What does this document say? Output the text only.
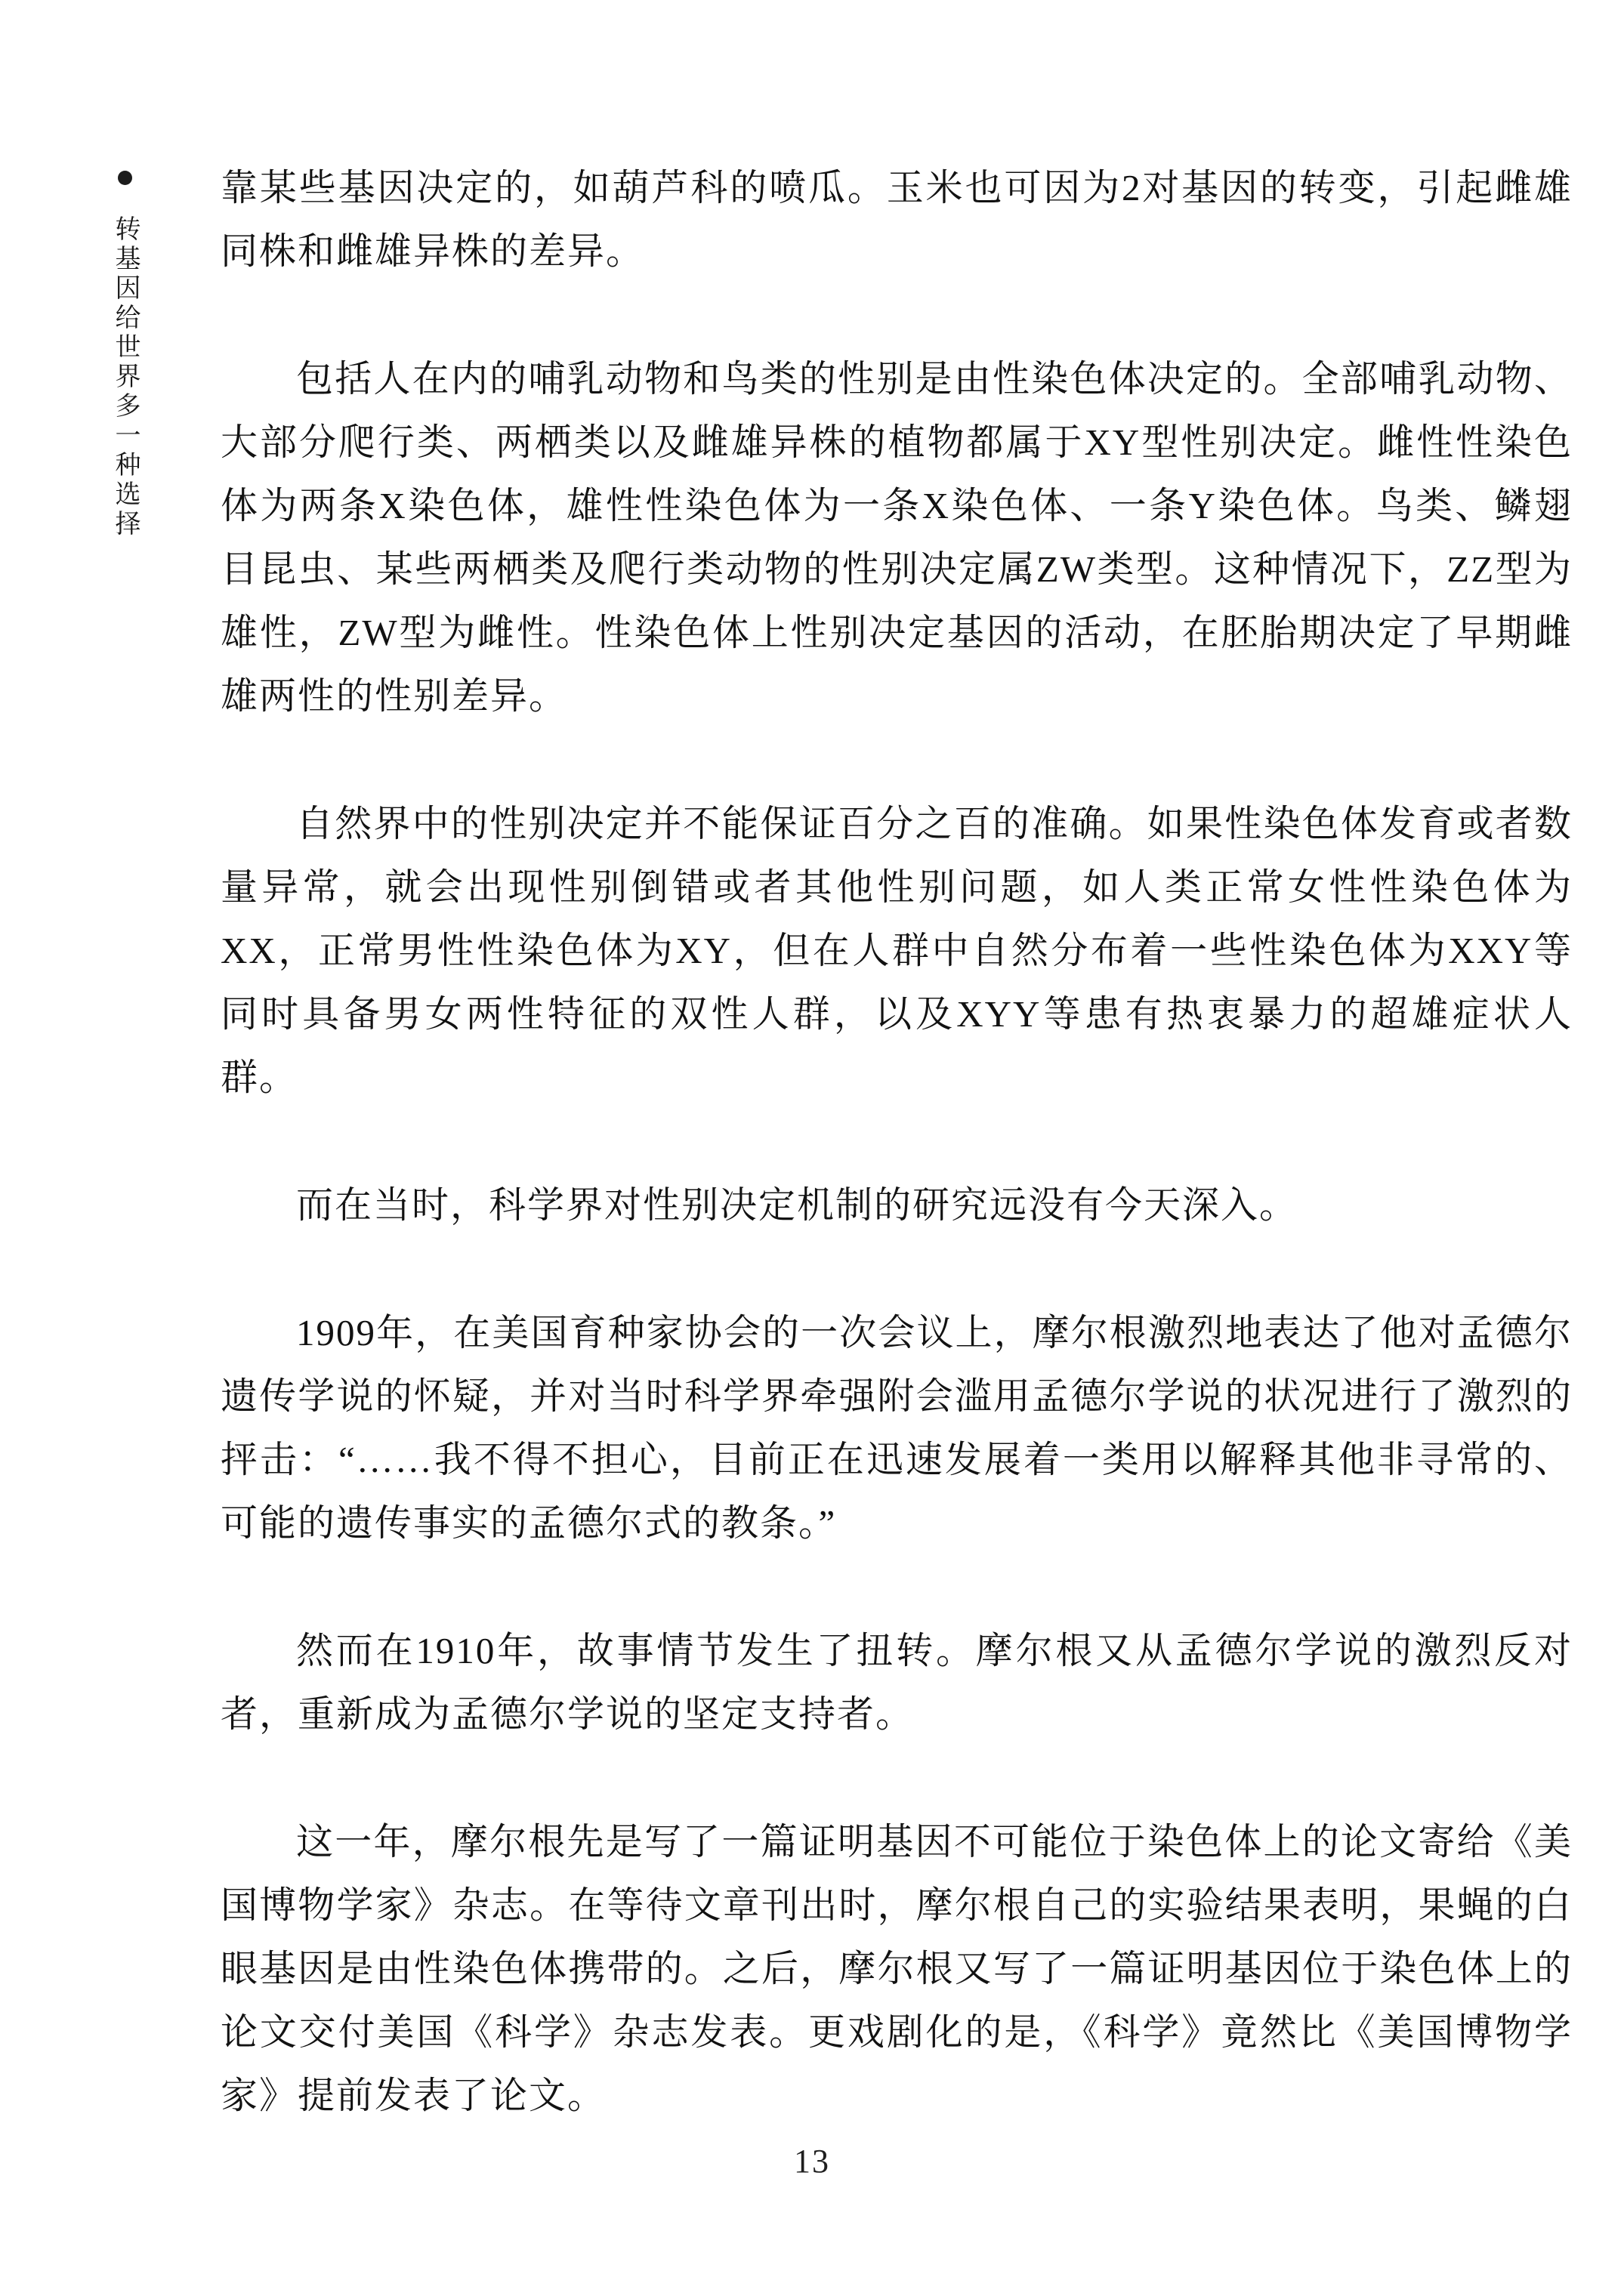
转基因给世界多一种选择

靠某些基因决定的，如葫芦科的喷瓜。玉米也可因为2对基因的转变，引起雌雄同株和雌雄异株的差异。

包括人在内的哺乳动物和鸟类的性别是由性染色体决定的。全部哺乳动物、大部分爬行类、两栖类以及雌雄异株的植物都属于XY型性别决定。雌性性染色体为两条X染色体，雄性性染色体为一条X染色体、一条Y染色体。鸟类、鳞翅目昆虫、某些两栖类及爬行类动物的性别决定属ZW类型。这种情况下，ZZ型为雄性，ZW型为雌性。性染色体上性别决定基因的活动，在胚胎期决定了早期雌雄两性的性别差异。

自然界中的性别决定并不能保证百分之百的准确。如果性染色体发育或者数量异常，就会出现性别倒错或者其他性别问题，如人类正常女性性染色体为XX，正常男性性染色体为XY，但在人群中自然分布着一些性染色体为XXY等同时具备男女两性特征的双性人群，以及XYY等患有热衷暴力的超雄症状人群。

而在当时，科学界对性别决定机制的研究远没有今天深入。

1909年，在美国育种家协会的一次会议上，摩尔根激烈地表达了他对孟德尔遗传学说的怀疑，并对当时科学界牵强附会滥用孟德尔学说的状况进行了激烈的抨击：“……我不得不担心，目前正在迅速发展着一类用以解释其他非寻常的、可能的遗传事实的孟德尔式的教条。”

然而在1910年，故事情节发生了扭转。摩尔根又从孟德尔学说的激烈反对者，重新成为孟德尔学说的坚定支持者。

这一年，摩尔根先是写了一篇证明基因不可能位于染色体上的论文寄给《美国博物学家》杂志。在等待文章刊出时，摩尔根自己的实验结果表明，果蝇的白眼基因是由性染色体携带的。之后，摩尔根又写了一篇证明基因位于染色体上的论文交付美国《科学》杂志发表。更戏剧化的是，《科学》竟然比《美国博物学家》提前发表了论文。

13
